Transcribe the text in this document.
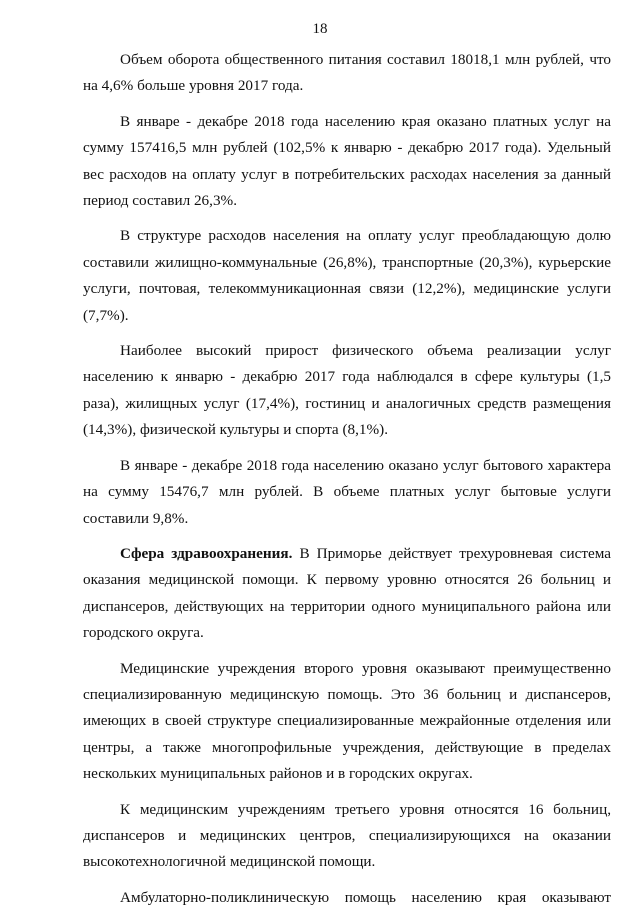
18

Объем оборота общественного питания составил 18018,1 млн рублей, что на 4,6% больше уровня 2017 года.

В январе - декабре 2018 года населению края оказано платных услуг на сумму 157416,5 млн рублей (102,5% к январю - декабрю 2017 года). Удельный вес расходов на оплату услуг в потребительских расходах населения за данный период составил 26,3%.

В структуре расходов населения на оплату услуг преобладающую долю составили жилищно-коммунальные (26,8%), транспортные (20,3%), курьерские услуги, почтовая, телекоммуникационная связи (12,2%), медицинские услуги (7,7%).

Наиболее высокий прирост физического объема реализации услуг населению к январю - декабрю 2017 года наблюдался в сфере культуры (1,5 раза), жилищных услуг (17,4%), гостиниц и аналогичных средств размещения (14,3%), физической культуры и спорта (8,1%).

В январе - декабре 2018 года населению оказано услуг бытового характера на сумму 15476,7 млн рублей. В объеме платных услуг бытовые услуги составили 9,8%.

Сфера здравоохранения. В Приморье действует трехуровневая система оказания медицинской помощи. К первому уровню относятся 26 больниц и диспансеров, действующих на территории одного муниципального района или городского округа.

Медицинские учреждения второго уровня оказывают преимущественно специализированную медицинскую помощь. Это 36 больниц и диспансеров, имеющих в своей структуре специализированные межрайонные отделения или центры, а также многопрофильные учреждения, действующие в пределах нескольких муниципальных районов и в городских округах.

К медицинским учреждениям третьего уровня относятся 16 больниц, диспансеров и медицинских центров, специализирующихся на оказании высокотехнологичной медицинской помощи.

Амбулаторно-поликлиническую помощь населению края оказывают
